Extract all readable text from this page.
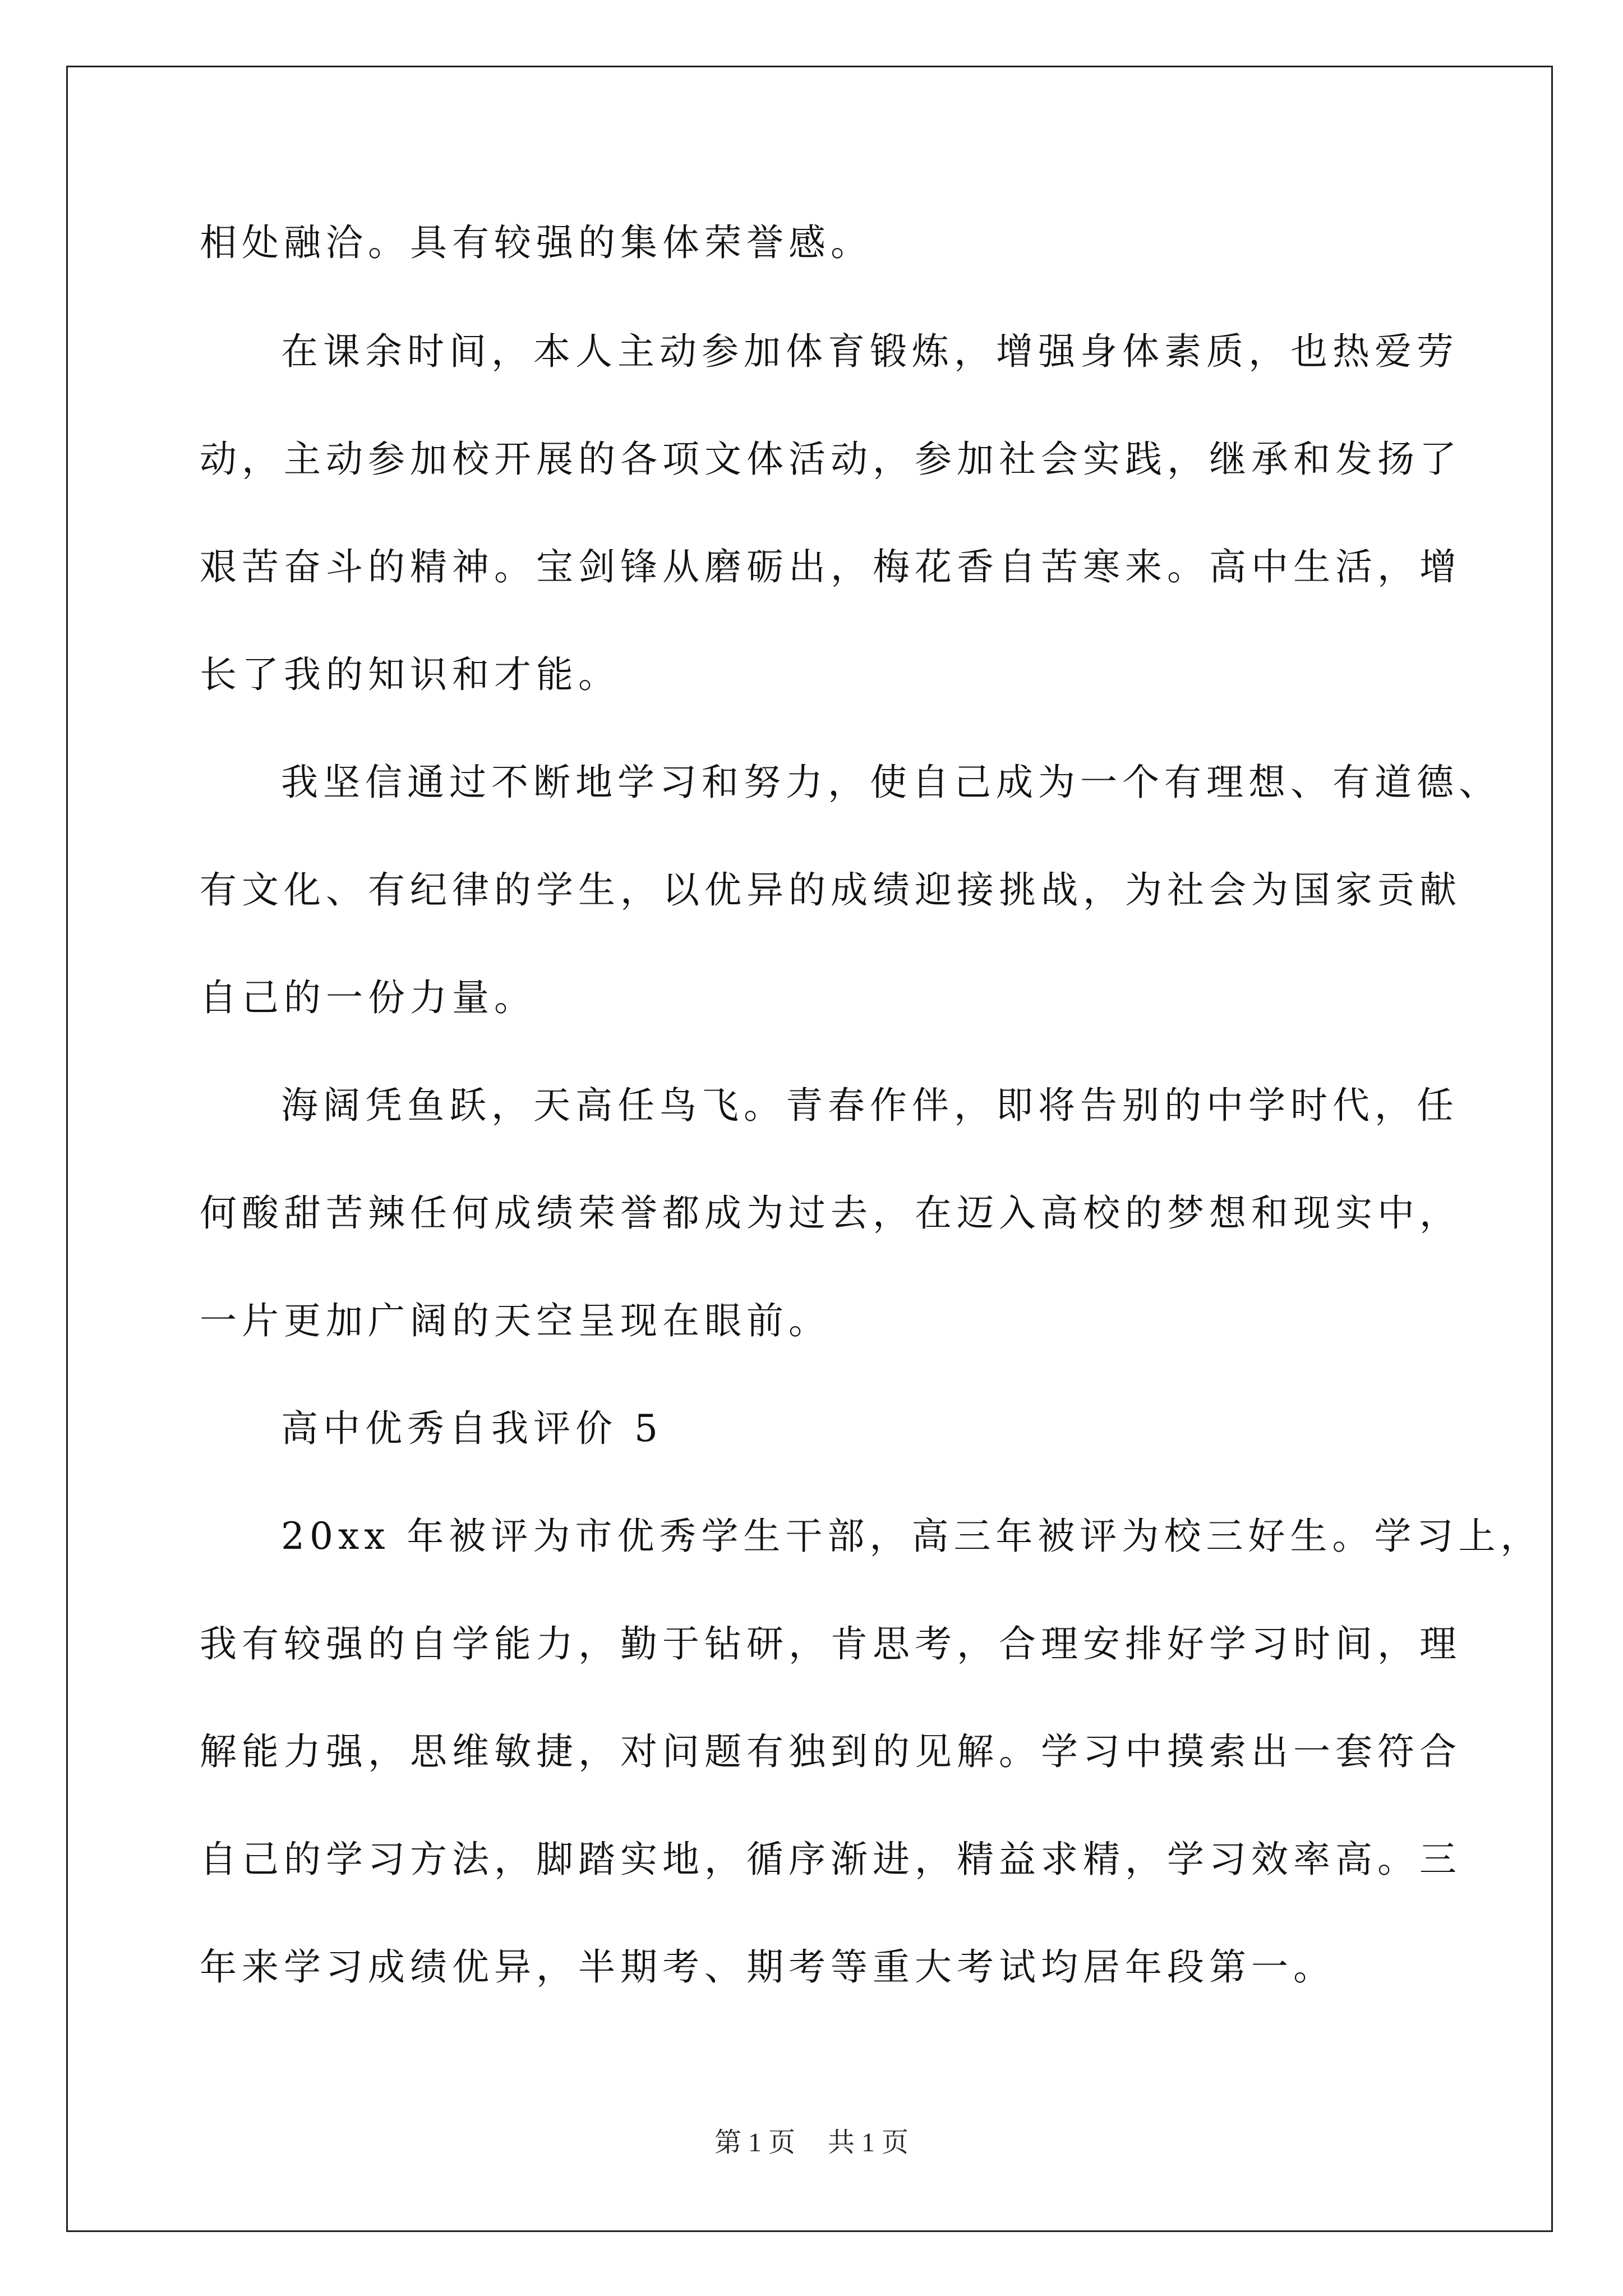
相处融洽。具有较强的集体荣誉感。
在课余时间，本人主动参加体育锻炼，增强身体素质，也热爱劳
动，主动参加校开展的各项文体活动，参加社会实践，继承和发扬了
艰苦奋斗的精神。宝剑锋从磨砺出，梅花香自苦寒来。高中生活，增
长了我的知识和才能。
我坚信通过不断地学习和努力，使自己成为一个有理想、有道德、
有文化、有纪律的学生，以优异的成绩迎接挑战，为社会为国家贡献
自己的一份力量。
海阔凭鱼跃，天高任鸟飞。青春作伴，即将告别的中学时代，任
何酸甜苦辣任何成绩荣誉都成为过去，在迈入高校的梦想和现实中，
一片更加广阔的天空呈现在眼前。
高中优秀自我评价 5
20xx 年被评为市优秀学生干部，高三年被评为校三好生。学习上，
我有较强的自学能力，勤于钻研，肯思考，合理安排好学习时间，理
解能力强，思维敏捷，对问题有独到的见解。学习中摸索出一套符合
自己的学习方法，脚踏实地，循序渐进，精益求精，学习效率高。三
年来学习成绩优异，半期考、期考等重大考试均居年段第一。
第 1 页 共 1 页
